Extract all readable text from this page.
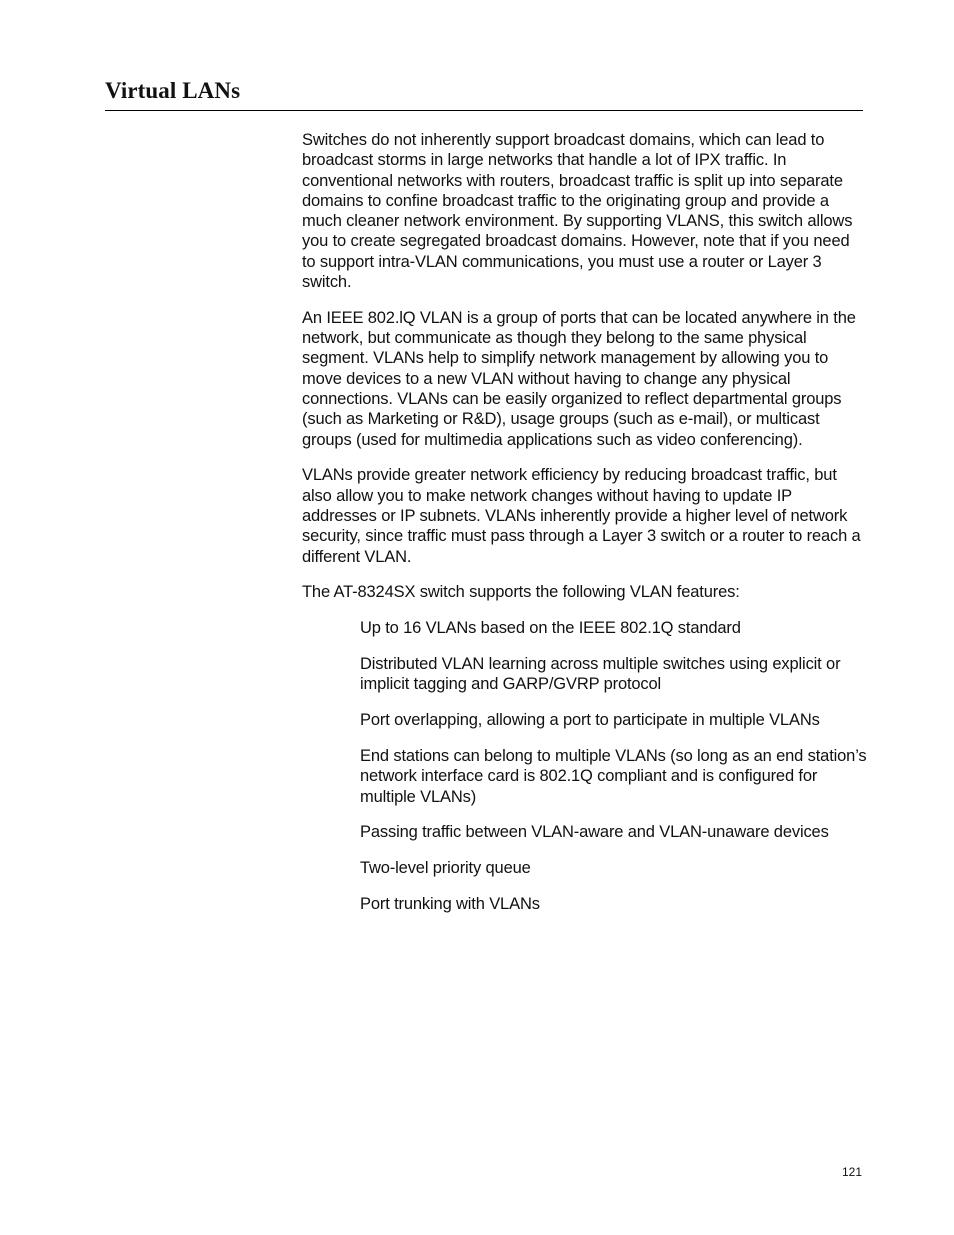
Virtual LANs

Switches do not inherently support broadcast domains, which can lead to broadcast storms in large networks that handle a lot of IPX traffic. In conventional networks with routers, broadcast traffic is split up into separate domains to confine broadcast traffic to the originating group and provide a much cleaner network environment. By supporting VLANS, this switch allows you to create segregated broadcast domains. However, note that if you need to support intra-VLAN communications, you must use a router or Layer 3 switch.

An IEEE 802.lQ VLAN is a group of ports that can be located anywhere in the network, but communicate as though they belong to the same physical segment. VLANs help to simplify network management by allowing you to move devices to a new VLAN without having to change any physical connections. VLANs can be easily organized to reflect departmental groups (such as Marketing or R&D), usage groups (such as e-mail), or multicast groups (used for multimedia applications such as video conferencing).

VLANs provide greater network efficiency by reducing broadcast traffic, but also allow you to make network changes without having to update IP addresses or IP subnets. VLANs inherently provide a higher level of network security, since traffic must pass through a Layer 3 switch or a router to reach a different VLAN.

The AT-8324SX switch supports the following VLAN features:

Up to 16 VLANs based on the IEEE 802.1Q standard
Distributed VLAN learning across multiple switches using explicit or implicit tagging and GARP/GVRP protocol
Port overlapping, allowing a port to participate in multiple VLANs
End stations can belong to multiple VLANs (so long as an end station’s network interface card is 802.1Q compliant and is configured for multiple VLANs)
Passing traffic between VLAN-aware and VLAN-unaware devices
Two-level priority queue
Port trunking with VLANs
121
